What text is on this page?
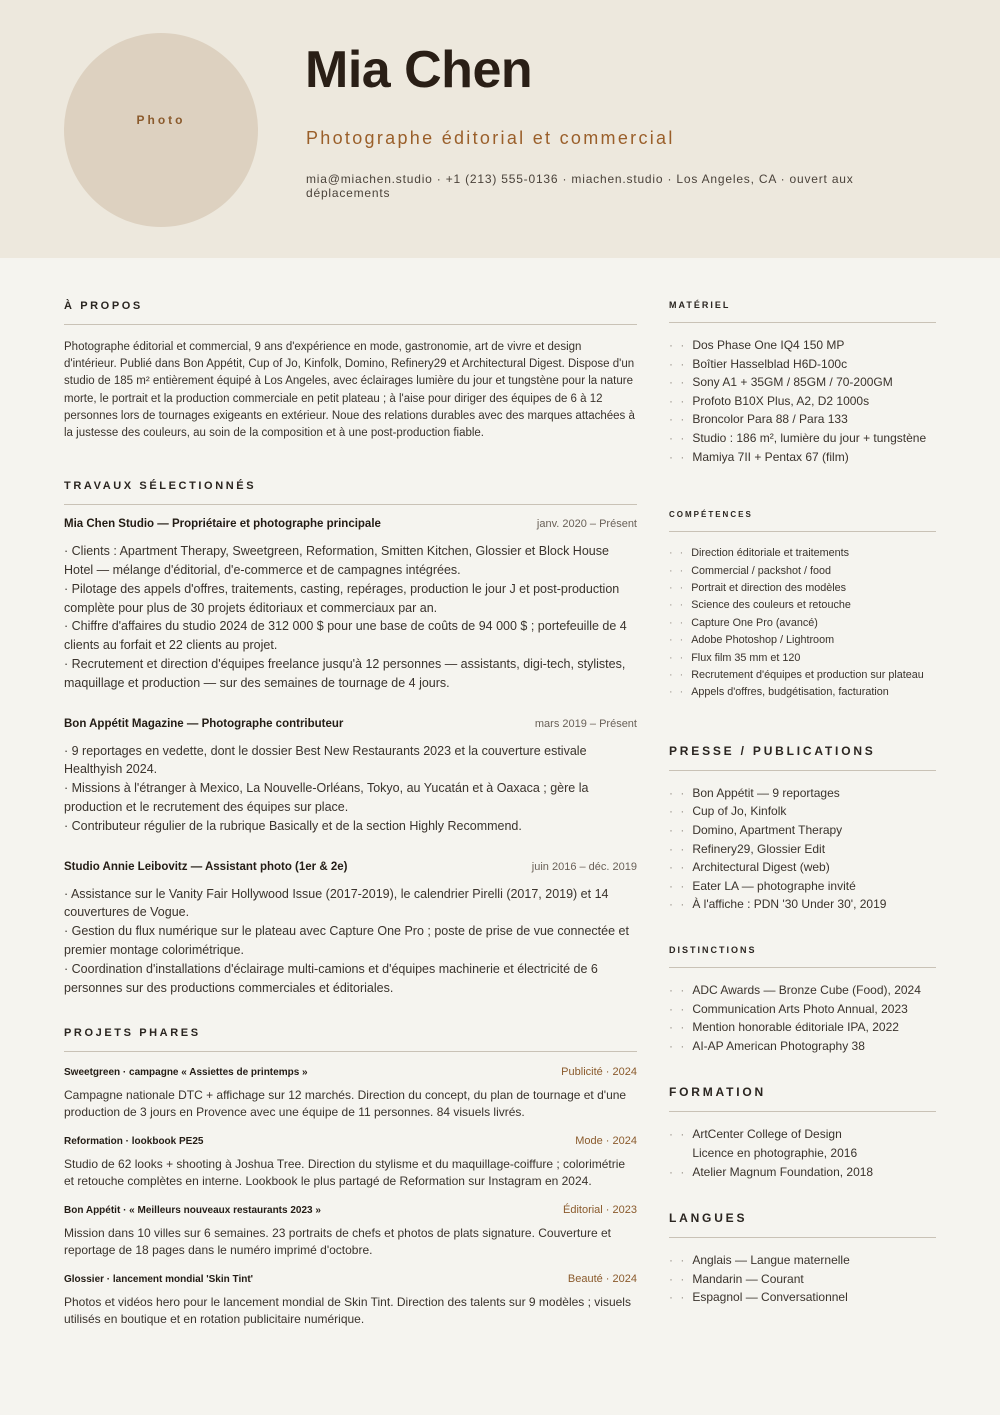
Photo
Mia Chen
Photographe éditorial et commercial
mia@miachen.studio · +1 (213) 555-0136 · miachen.studio · Los Angeles, CA · ouvert aux déplacements
À PROPOS
Photographe éditorial et commercial, 9 ans d'expérience en mode, gastronomie, art de vivre et design d'intérieur. Publié dans Bon Appétit, Cup of Jo, Kinfolk, Domino, Refinery29 et Architectural Digest. Dispose d'un studio de 185 m² entièrement équipé à Los Angeles, avec éclairages lumière du jour et tungstène pour la nature morte, le portrait et la production commerciale en petit plateau ; à l'aise pour diriger des équipes de 6 à 12 personnes lors de tournages exigeants en extérieur. Noue des relations durables avec des marques attachées à la justesse des couleurs, au soin de la composition et à une post-production fiable.
TRAVAUX SÉLECTIONNÉS
Mia Chen Studio — Propriétaire et photographe principale	janv. 2020 – Présent
· Clients : Apartment Therapy, Sweetgreen, Reformation, Smitten Kitchen, Glossier et Block House Hotel — mélange d'éditorial, d'e-commerce et de campagnes intégrées.
· Pilotage des appels d'offres, traitements, casting, repérages, production le jour J et post-production complète pour plus de 30 projets éditoriaux et commerciaux par an.
· Chiffre d'affaires du studio 2024 de 312 000 $ pour une base de coûts de 94 000 $ ; portefeuille de 4 clients au forfait et 22 clients au projet.
· Recrutement et direction d'équipes freelance jusqu'à 12 personnes — assistants, digi-tech, stylistes, maquillage et production — sur des semaines de tournage de 4 jours.
Bon Appétit Magazine — Photographe contributeur	mars 2019 – Présent
· 9 reportages en vedette, dont le dossier Best New Restaurants 2023 et la couverture estivale Healthyish 2024.
· Missions à l'étranger à Mexico, La Nouvelle-Orléans, Tokyo, au Yucatán et à Oaxaca ; gère la production et le recrutement des équipes sur place.
· Contributeur régulier de la rubrique Basically et de la section Highly Recommend.
Studio Annie Leibovitz — Assistant photo (1er & 2e)	juin 2016 – déc. 2019
· Assistance sur le Vanity Fair Hollywood Issue (2017-2019), le calendrier Pirelli (2017, 2019) et 14 couvertures de Vogue.
· Gestion du flux numérique sur le plateau avec Capture One Pro ; poste de prise de vue connectée et premier montage colorimétrique.
· Coordination d'installations d'éclairage multi-camions et d'équipes machinerie et électricité de 6 personnes sur des productions commerciales et éditoriales.
PROJETS PHARES
Sweetgreen · campagne « Assiettes de printemps »	Publicité · 2024
Campagne nationale DTC + affichage sur 12 marchés. Direction du concept, du plan de tournage et d'une production de 3 jours en Provence avec une équipe de 11 personnes. 84 visuels livrés.
Reformation · lookbook PE25	Mode · 2024
Studio de 62 looks + shooting à Joshua Tree. Direction du stylisme et du maquillage-coiffure ; colorimétrie et retouche complètes en interne. Lookbook le plus partagé de Reformation sur Instagram en 2024.
Bon Appétit · « Meilleurs nouveaux restaurants 2023 »	Éditorial · 2023
Mission dans 10 villes sur 6 semaines. 23 portraits de chefs et photos de plats signature. Couverture et reportage de 18 pages dans le numéro imprimé d'octobre.
Glossier · lancement mondial 'Skin Tint'	Beauté · 2024
Photos et vidéos hero pour le lancement mondial de Skin Tint. Direction des talents sur 9 modèles ; visuels utilisés en boutique et en rotation publicitaire numérique.
MATÉRIEL
· · Dos Phase One IQ4 150 MP
· · Boîtier Hasselblad H6D-100c
· · Sony A1 + 35GM / 85GM / 70-200GM
· · Profoto B10X Plus, A2, D2 1000s
· · Broncolor Para 88 / Para 133
· · Studio : 186 m², lumière du jour + tungstène
· · Mamiya 7II + Pentax 67 (film)
COMPÉTENCES
· · Direction éditoriale et traitements
· · Commercial / packshot / food
· · Portrait et direction des modèles
· · Science des couleurs et retouche
· · Capture One Pro (avancé)
· · Adobe Photoshop / Lightroom
· · Flux film 35 mm et 120
· · Recrutement d'équipes et production sur plateau
· · Appels d'offres, budgétisation, facturation
PRESSE / PUBLICATIONS
· · Bon Appétit — 9 reportages
· · Cup of Jo, Kinfolk
· · Domino, Apartment Therapy
· · Refinery29, Glossier Edit
· · Architectural Digest (web)
· · Eater LA — photographe invité
· · À l'affiche : PDN '30 Under 30', 2019
DISTINCTIONS
· · ADC Awards — Bronze Cube (Food), 2024
· · Communication Arts Photo Annual, 2023
· · Mention honorable éditoriale IPA, 2022
· · AI-AP American Photography 38
FORMATION
· · ArtCenter College of Design
Licence en photographie, 2016
· · Atelier Magnum Foundation, 2018
LANGUES
· · Anglais — Langue maternelle
· · Mandarin — Courant
· · Espagnol — Conversationnel
